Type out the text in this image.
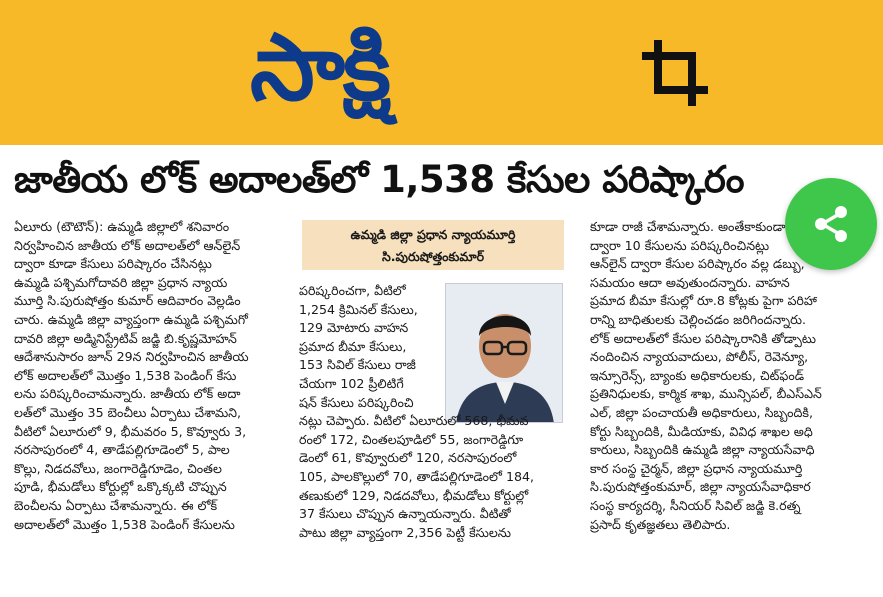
సాక్షి
జాతీయ లోక్ అదాలత్‌లో 1,538 కేసుల పరిష్కారం
ఏలూరు (టౌటౌన్): ఉమ్మడి జిల్లాలో శనివారం
నిర్వహించిన జాతీయ లోక్ అదాలత్‌లో ఆన్‌లైన్
ద్వారా కూడా కేసులు పరిష్కారం చేసినట్లు
ఉమ్మడి పశ్చిమగోదావరి జిల్లా ప్రధాన న్యాయ
మూర్తి సి.పురుషోత్తం కుమార్ ఆదివారం వెల్లడిం
చారు. ఉమ్మడి జిల్లా వ్యాప్తంగా ఉమ్మడి పశ్చిమగో
దావరి జిల్లా అడ్మినిస్ట్రేటివ్ జడ్జి బి.కృష్ణమోహన్
ఆదేశానుసారం జూన్ 29న నిర్వహించిన జాతీయ
లోక్ అదాలత్‌లో మొత్తం 1,538 పెండింగ్ కేసు
లను పరిష్కరించామన్నారు. జాతీయ లోక్ అదా
లత్‌లో మొత్తం 35 బెంచీలు ఏర్పాటు చేశామని,
వీటిలో ఏలూరులో 9, భీమవరం 5, కొవ్వూరు 3,
నరసాపురంలో 4, తాడేపల్లిగూడెంలో 5, పాల
కొల్లు, నిడదవోలు, జంగారెడ్డిగూడెం, చింతల
పూడి, భీమడోలు కోర్టుల్లో ఒక్కొక్కటి చొప్పున
బెంచీలను ఏర్పాటు చేశామన్నారు. ఈ లోక్
అదాలత్‌లో మొత్తం 1,538 పెండింగ్ కేసులను
ఉమ్మడి జిల్లా ప్రధాన న్యాయమూర్తి
సి.పురుషోత్తంకుమార్
పరిష్కరించగా, వీటిలో
1,254 క్రిమినల్ కేసులు,
129 మోటారు వాహన
ప్రమాద బీమా కేసులు,
153 సివిల్ కేసులు రాజీ
చేయగా 102 ప్రీలిటిగే
షన్ కేసులు పరిష్కరించి
నట్లు చెప్పారు. వీటిలో ఏలూరులో 568, భీమవ
రంలో 172, చింతలపూడిలో 55, జంగారెడ్డిగూ
డెంలో 61, కొవ్వూరులో 120, నరసాపురంలో
105, పాలకొల్లులో 70, తాడేపల్లిగూడెంలో 184,
తణుకులో 129, నిడదవోలు, భీమడోలు కోర్టుల్లో
37 కేసులు చొప్పున ఉన్నాయన్నారు. వీటితో
పాటు జిల్లా వ్యాప్తంగా 2,356 పెట్టీ కేసులను
కూడా రాజీ చేశామన్నారు. అంతేకాకుండా
ద్వారా 10 కేసులను పరిష్కరించినట్లు
ఆన్‌లైన్ ద్వారా కేసుల పరిష్కారం వల్ల డబ్బు,
సమయం ఆదా అవుతుందన్నారు. వాహన
ప్రమాద బీమా కేసుల్లో రూ.8 కోట్లకు పైగా పరిహా
రాన్ని బాధితులకు చెల్లించడం జరిగిందన్నారు.
లోక్ అదాలత్‌లో కేసుల పరిష్కారానికి తోడ్పాటు
నందించిన న్యాయవాదులు, పోలీస్, రెవెన్యూ,
ఇన్సూరెన్స్, బ్యాంకు అధికారులకు, చిట్‌ఫండ్
ప్రతినిధులకు, కార్మిక శాఖ, మున్సిపల్, బీఎస్ఎన్
ఎల్, జిల్లా పంచాయతీ అధికారులు, సిబ్బందికి,
కోర్టు సిబ్బందికి, మీడియాకు, వివిధ శాఖల అధి
కారులు, సిబ్బందికి ఉమ్మడి జిల్లా న్యాయసేవాధి
కార సంస్థ చైర్మన్, జిల్లా ప్రధాన న్యాయమూర్తి
సి.పురుషోత్తంకుమార్, జిల్లా న్యాయసేవాధికార
సంస్థ కార్యదర్శి, సీనియర్ సివిల్ జడ్జి కె.రత్న
ప్రసాద్ కృతజ్ఞతలు తెలిపారు.
